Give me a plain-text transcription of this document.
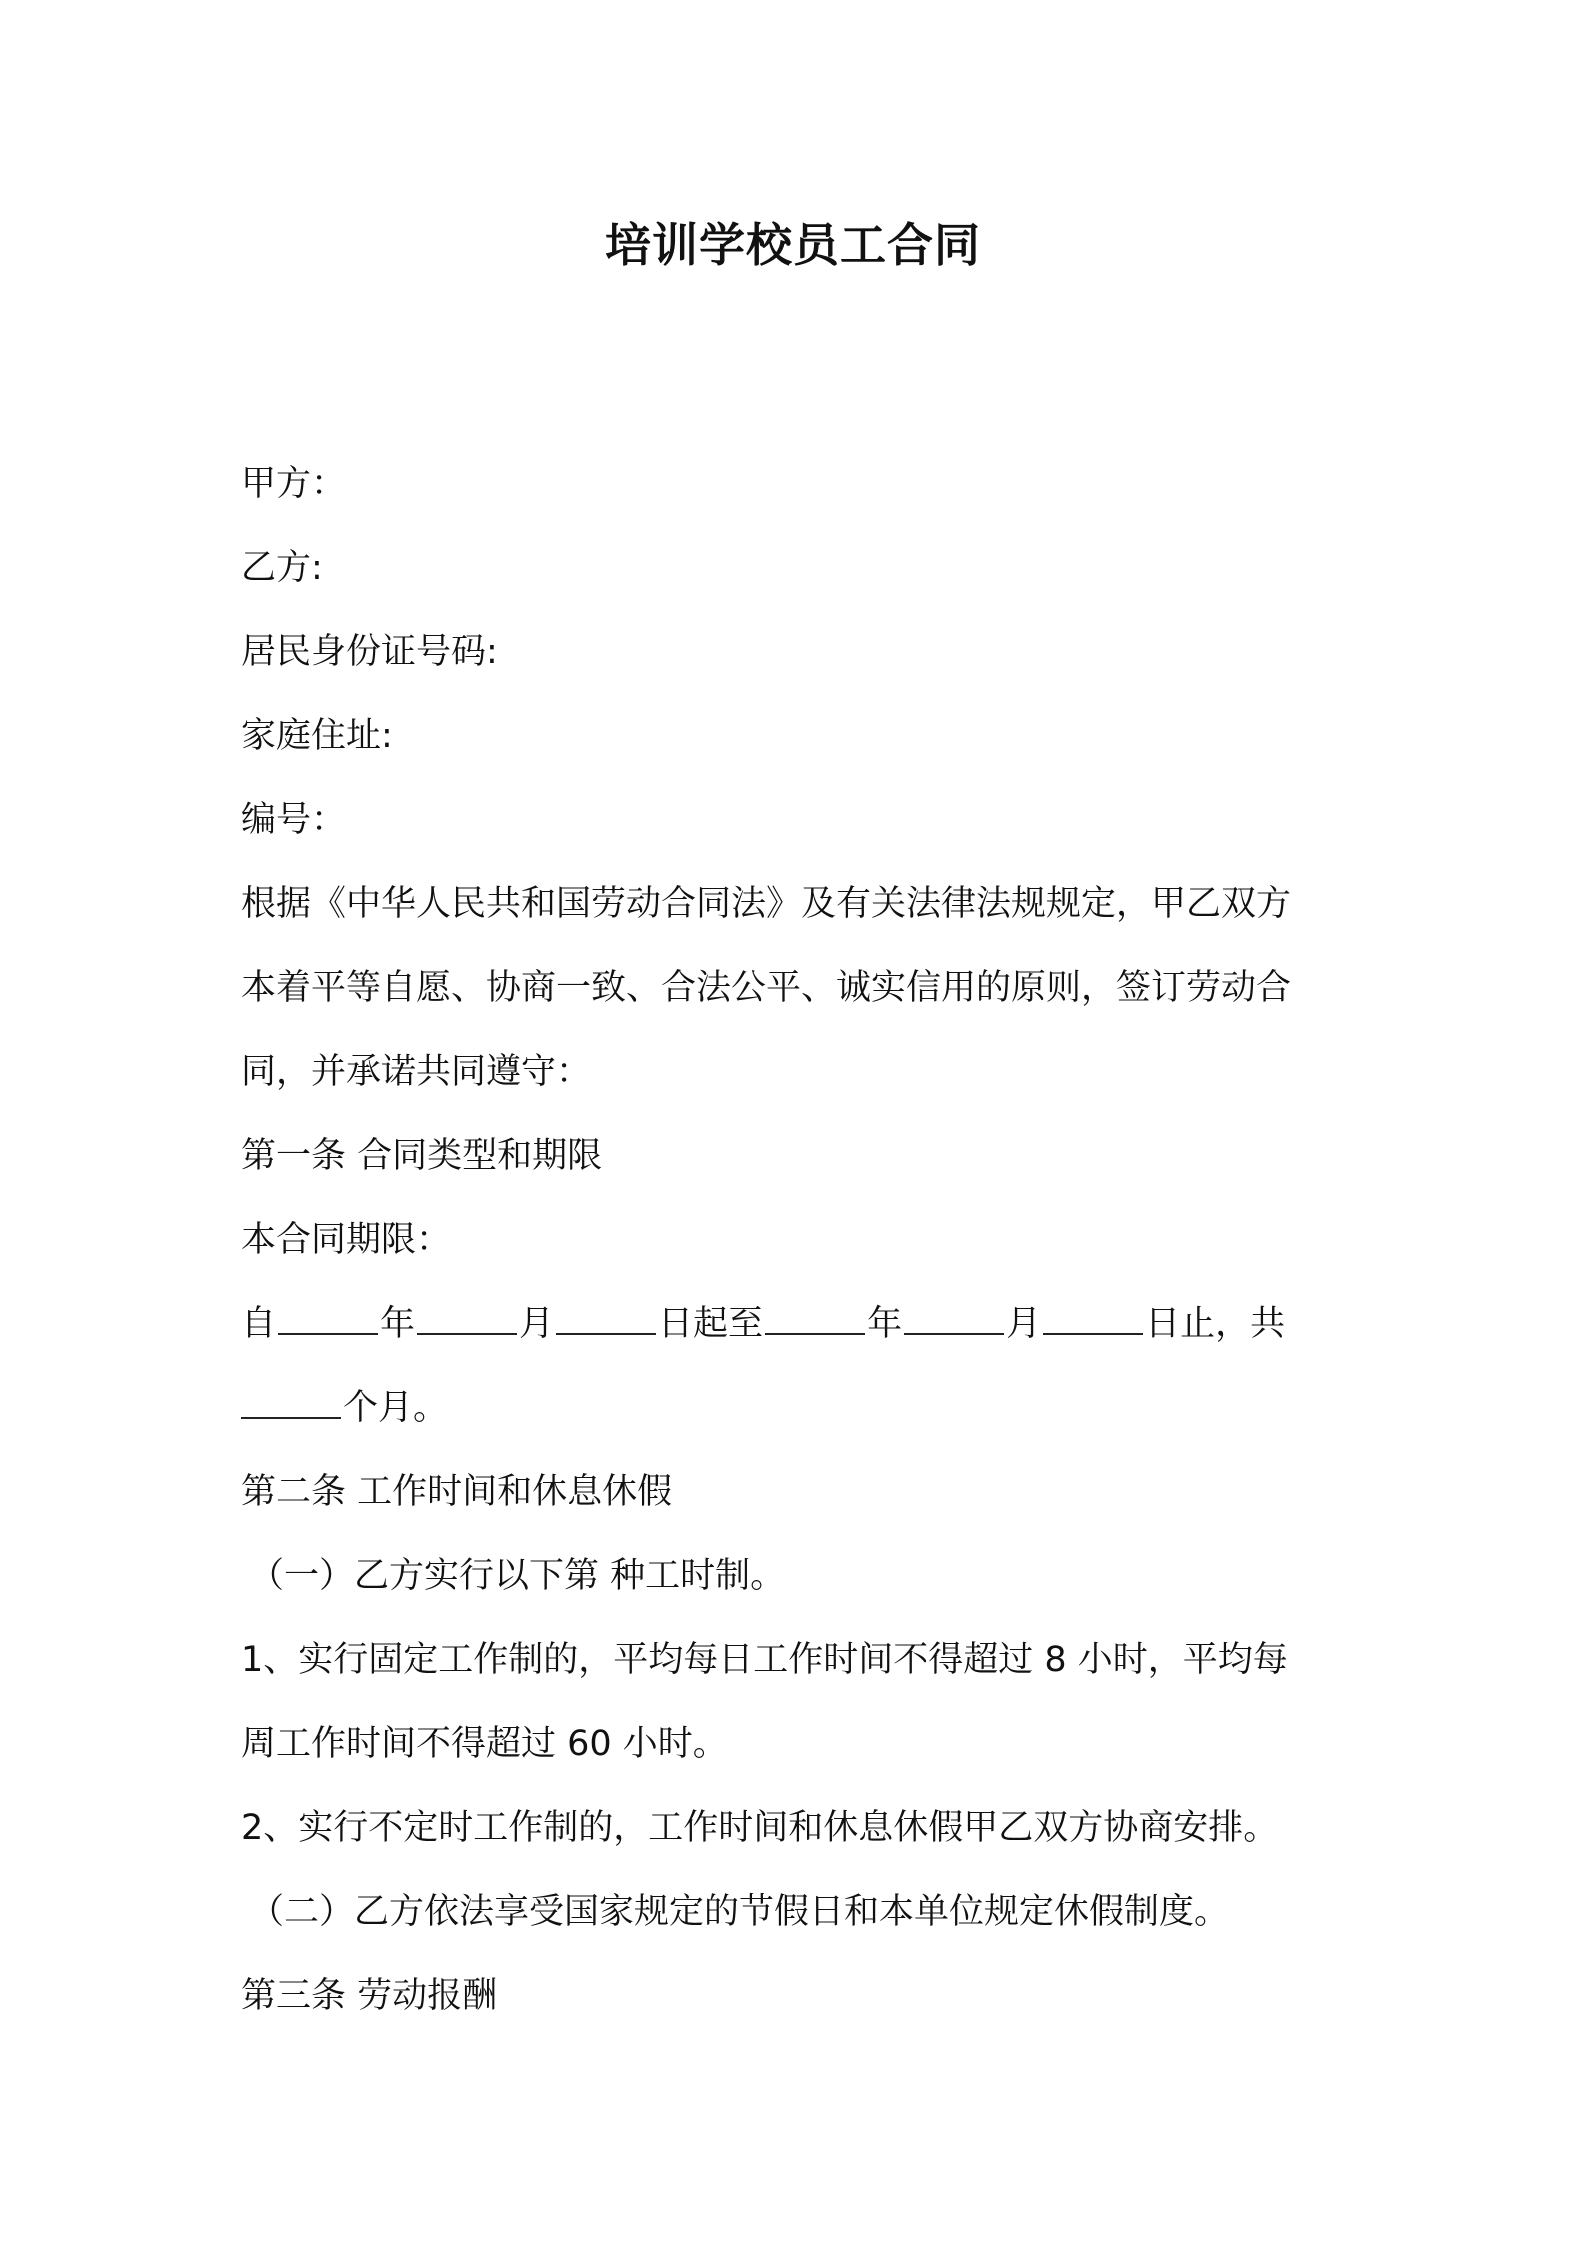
培训学校员工合同
甲方：
乙方:
居民身份证号码:
家庭住址:
编号：
根据《中华人民共和国劳动合同法》及有关法律法规规定，甲乙双方
本着平等自愿、协商一致、合法公平、诚实信用的原则，签订劳动合
同，并承诺共同遵守：
第一条 合同类型和期限
本合同期限：
自	年	月	日起至	年	月	日止，共
个月。
第二条 工作时间和休息休假
（一）乙方实行以下第 种工时制。
1、实行固定工作制的，平均每日工作时间不得超过 8 小时，平均每
周工作时间不得超过 60 小时。
2、实行不定时工作制的，工作时间和休息休假甲乙双方协商安排。
（二）乙方依法享受国家规定的节假日和本单位规定休假制度。
第三条 劳动报酬
